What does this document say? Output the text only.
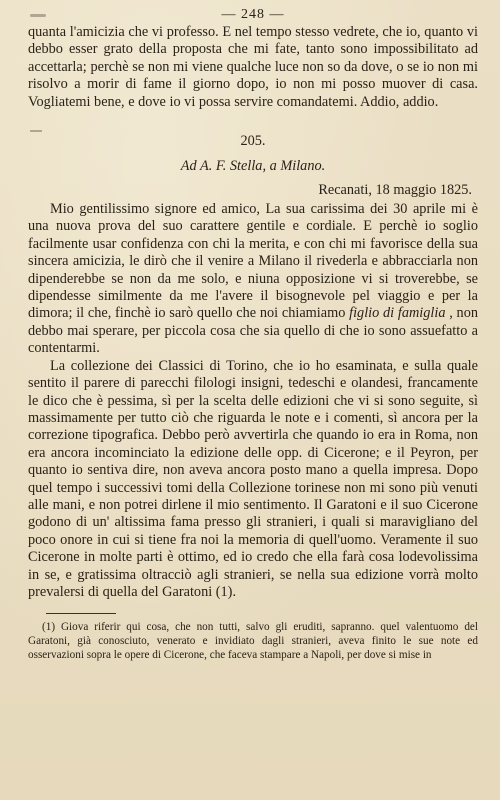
— 248 —

quanta l'amicizia che vi professo. E nel tempo stesso vedrete, che io, quanto vi debbo esser grato della proposta che mi fate, tanto sono impossibilitato ad accettarla; perchè se non mi viene qualche luce non so da dove, o se io non mi risolvo a morir di fame il giorno dopo, io non mi posso muover di casa. Vogliatemi bene, e dove io vi possa servire comandatemi. Addio, addio.

205.
Ad A. F. Stella, a Milano.
Recanati, 18 maggio 1825.

Mio gentilissimo signore ed amico, La sua carissima dei 30 aprile mi è una nuova prova del suo carattere gentile e cordiale. E perchè io soglio facilmente usar confidenza con chi la merita, e con chi mi favorisce della sua sincera amicizia, le dirò che il venire a Milano il rivederla e abbracciarla non dipenderebbe se non da me solo, e niuna opposizione vi si troverebbe, se dipendesse similmente da me l'avere il bisognevole pel viaggio e per la dimora; il che, finchè io sarò quello che noi chiamiamo figlio di famiglia , non debbo mai sperare, per piccola cosa che sia quello di che io sono assuefatto a contentarmi.

La collezione dei Classici di Torino, che io ho esaminata, e sulla quale sentito il parere di parecchi filologi insigni, tedeschi e olandesi, francamente le dico che è pessima, sì per la scelta delle edizioni che vi si sono seguite, sì massimamente per tutto ciò che riguarda le note e i comenti, sì ancora per la correzione tipografica. Debbo però avvertirla che quando io era in Roma, non era ancora incominciato la edizione delle opp. di Cicerone; e il Peyron, per quanto io sentiva dire, non aveva ancora posto mano a quella impresa. Dopo quel tempo i successivi tomi della Collezione torinese non mi sono più venuti alle mani, e non potrei dirlene il mio sentimento. Il Garatoni e il suo Cicerone godono di un' altissima fama presso gli stranieri, i quali si maravigliano del poco onore in cui si tiene fra noi la memoria di quell'uomo. Veramente il suo Cicerone in molte parti è ottimo, ed io credo che ella farà cosa lodevolissima in se, e gratissima oltracciò agli stranieri, se nella sua edizione vorrà molto prevalersi di quella del Garatoni (1).

(1) Giova riferir qui cosa, che non tutti, salvo gli eruditi, sapranno. quel valentuomo del Garatoni, già conosciuto, venerato e invidiato dagli stranieri, aveva finito le sue note ed osservazioni sopra le opere di Cicerone, che faceva stampare a Napoli, per dove si mise in
